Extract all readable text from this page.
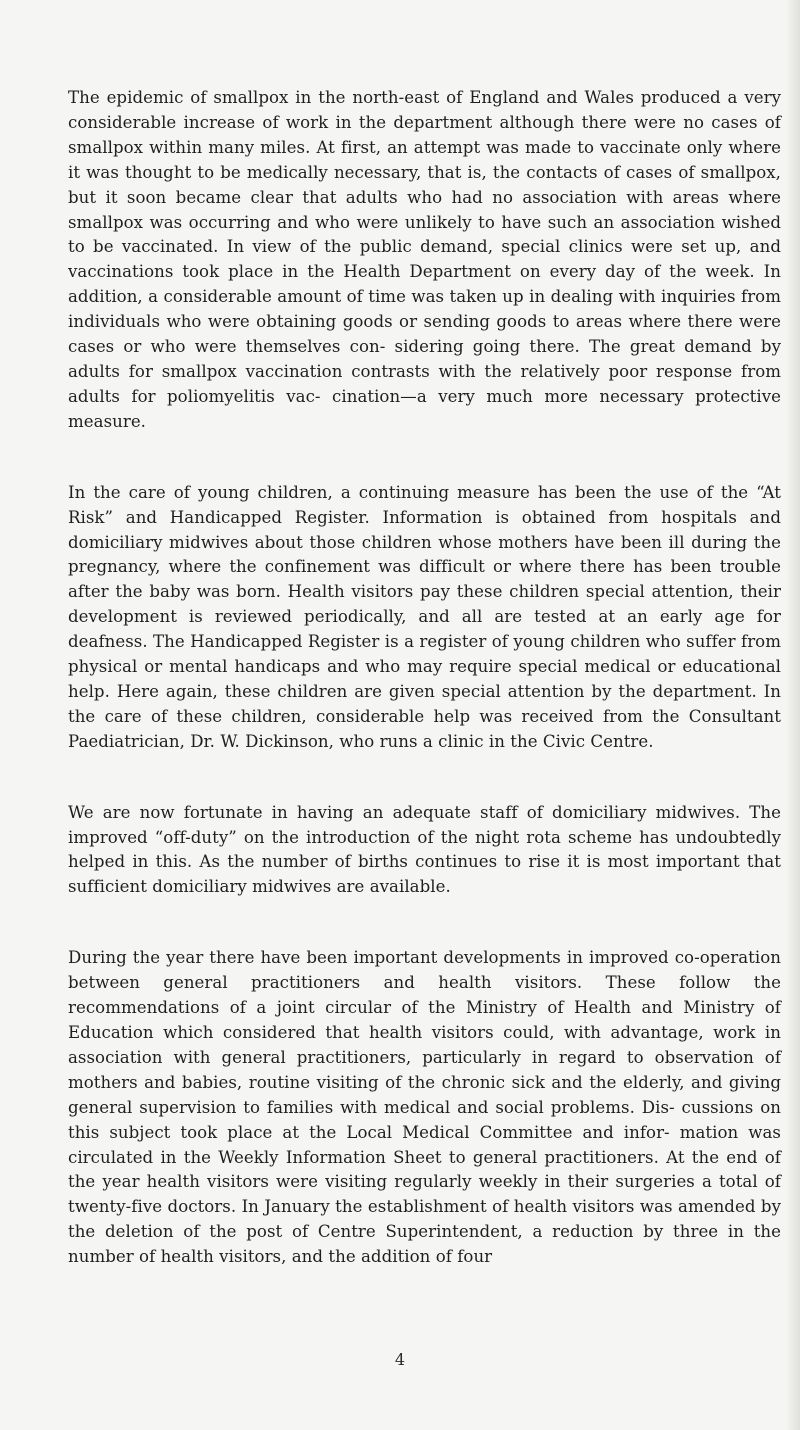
The epidemic of smallpox in the north-east of England and Wales produced a very considerable increase of work in the department although there were no cases of smallpox within many miles. At first, an attempt was made to vaccinate only where it was thought to be medically necessary, that is, the contacts of cases of smallpox, but it soon became clear that adults who had no association with areas where smallpox was occurring and who were unlikely to have such an association wished to be vaccinated. In view of the public demand, special clinics were set up, and vaccinations took place in the Health Department on every day of the week. In addition, a considerable amount of time was taken up in dealing with inquiries from individuals who were obtaining goods or sending goods to areas where there were cases or who were themselves con- sidering going there. The great demand by adults for smallpox vaccination contrasts with the relatively poor response from adults for poliomyelitis vac- cination—a very much more necessary protective measure.

In the care of young children, a continuing measure has been the use of the “At Risk” and Handicapped Register. Information is obtained from hospitals and domiciliary midwives about those children whose mothers have been ill during the pregnancy, where the confinement was difficult or where there has been trouble after the baby was born. Health visitors pay these children special attention, their development is reviewed periodically, and all are tested at an early age for deafness. The Handicapped Register is a register of young children who suffer from physical or mental handicaps and who may require special medical or educational help. Here again, these children are given special attention by the department. In the care of these children, considerable help was received from the Consultant Paediatrician, Dr. W. Dickinson, who runs a clinic in the Civic Centre.

We are now fortunate in having an adequate staff of domiciliary midwives. The improved “off-duty” on the introduction of the night rota scheme has undoubtedly helped in this. As the number of births continues to rise it is most important that sufficient domiciliary midwives are available.

During the year there have been important developments in improved co-operation between general practitioners and health visitors. These follow the recommendations of a joint circular of the Ministry of Health and Ministry of Education which considered that health visitors could, with advantage, work in association with general practitioners, particularly in regard to observation of mothers and babies, routine visiting of the chronic sick and the elderly, and giving general supervision to families with medical and social problems. Dis- cussions on this subject took place at the Local Medical Committee and infor- mation was circulated in the Weekly Information Sheet to general practitioners. At the end of the year health visitors were visiting regularly weekly in their surgeries a total of twenty-five doctors. In January the establishment of health visitors was amended by the deletion of the post of Centre Superintendent, a reduction by three in the number of health visitors, and the addition of four

4
